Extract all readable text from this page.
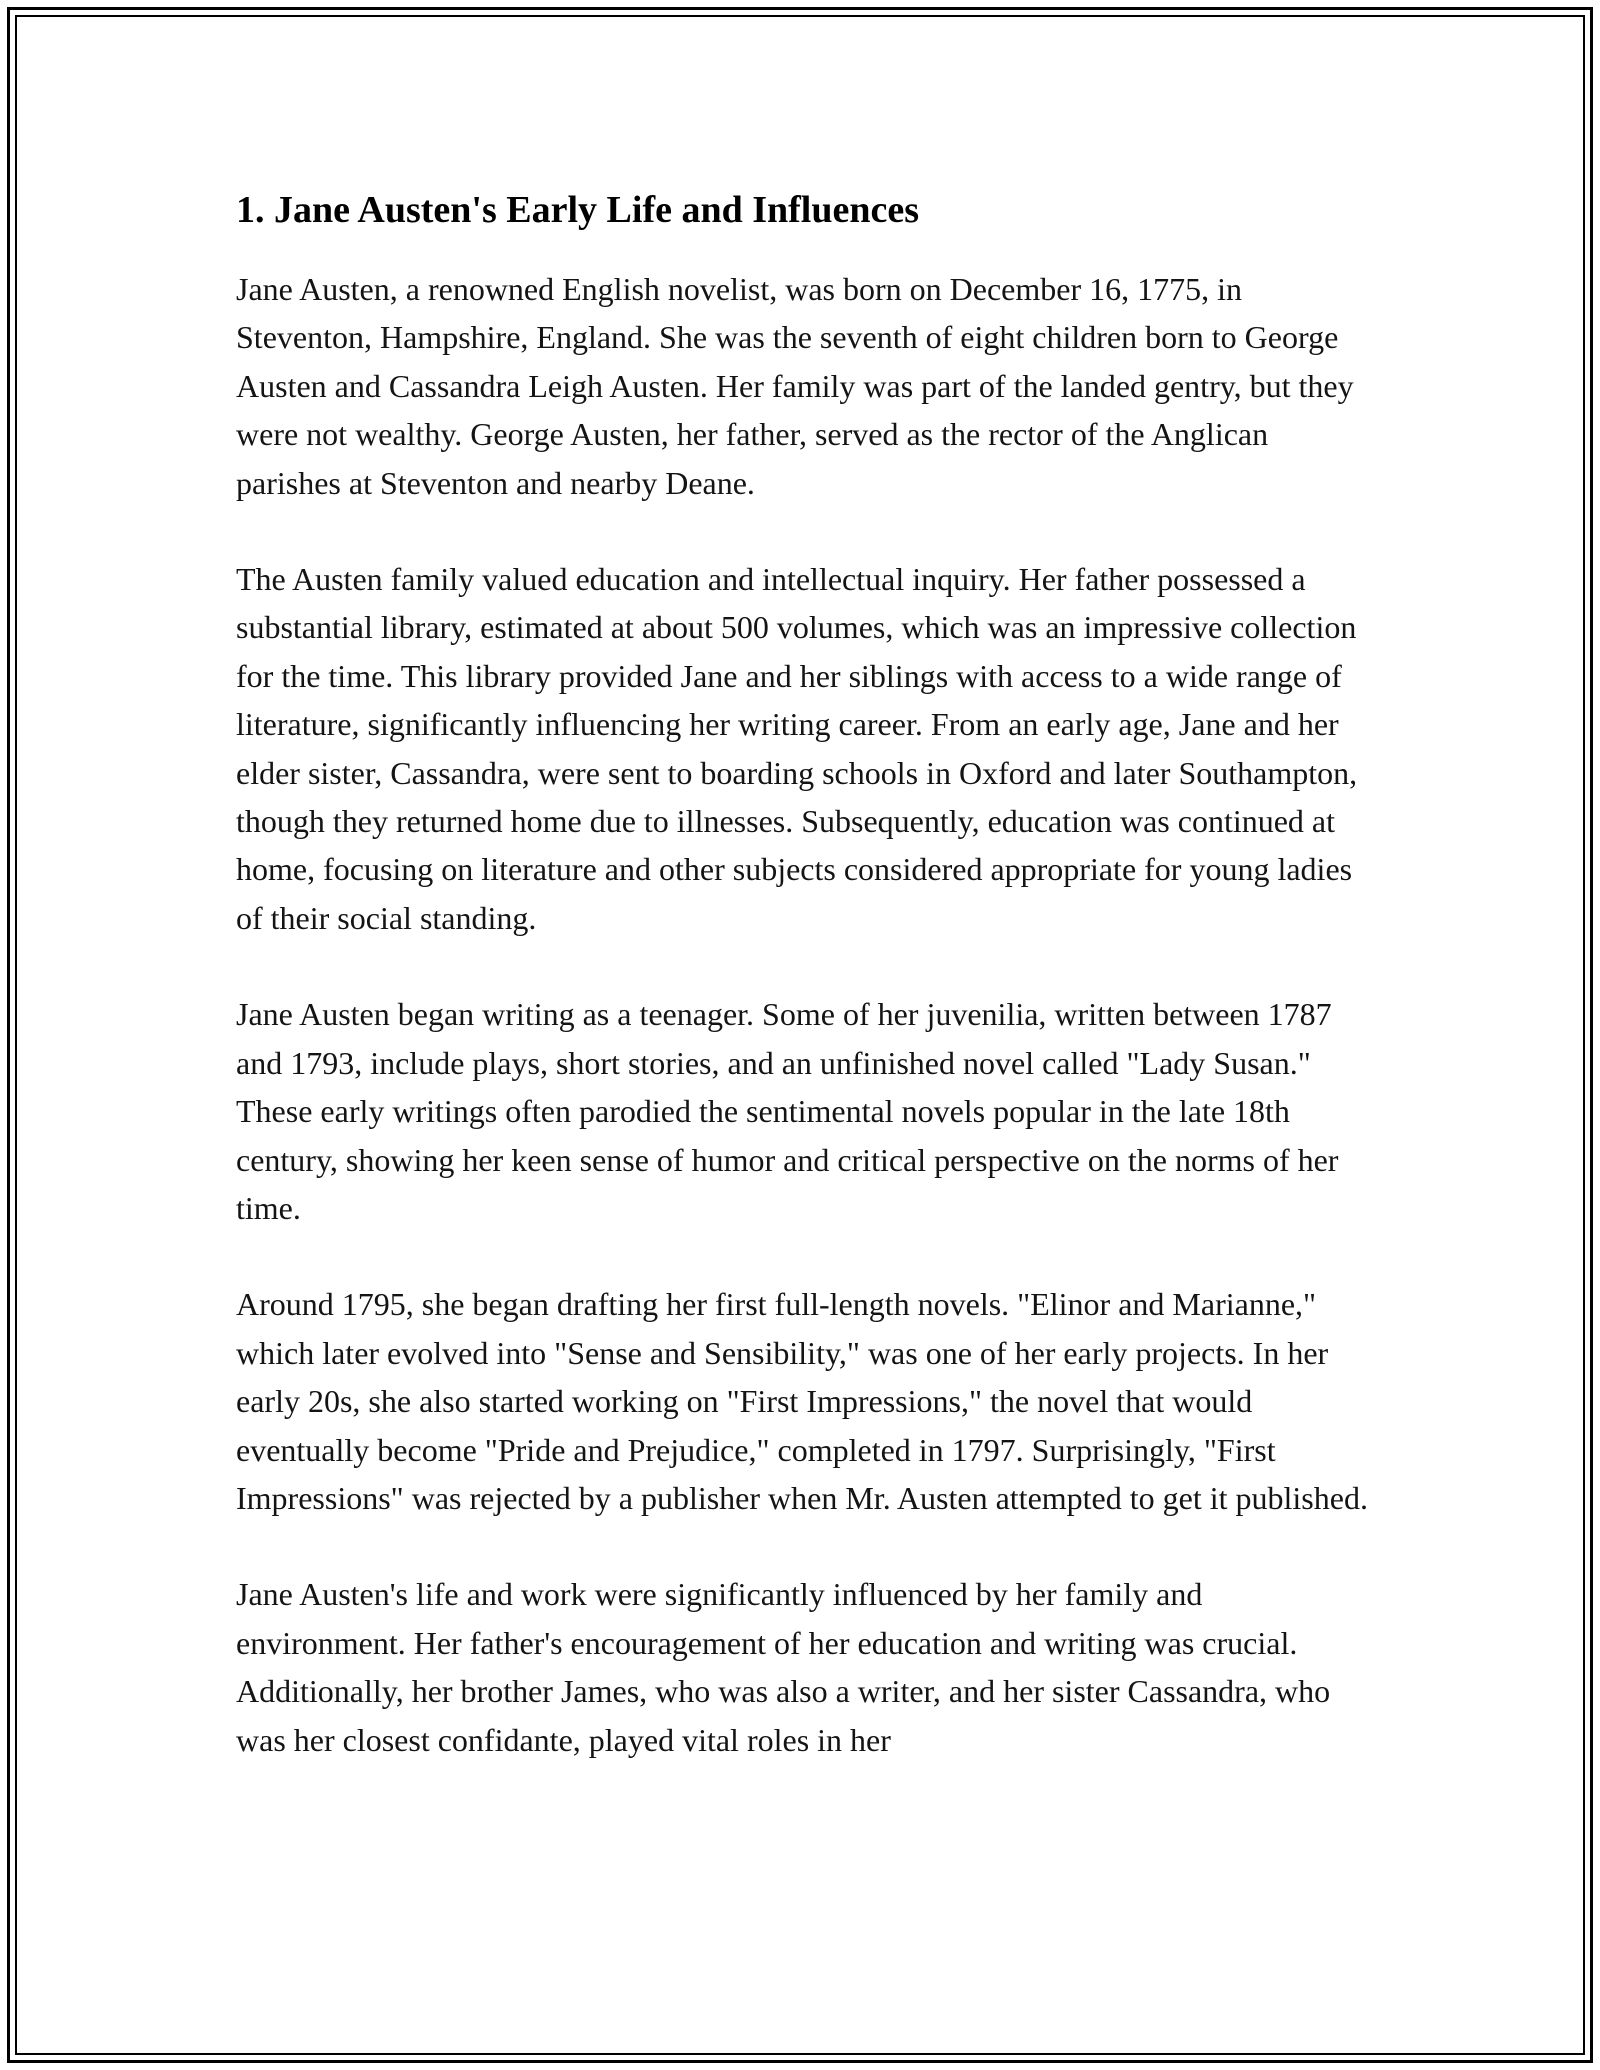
1. Jane Austen's Early Life and Influences

Jane Austen, a renowned English novelist, was born on December 16, 1775, in Steventon, Hampshire, England. She was the seventh of eight children born to George Austen and Cassandra Leigh Austen. Her family was part of the landed gentry, but they were not wealthy. George Austen, her father, served as the rector of the Anglican parishes at Steventon and nearby Deane.

The Austen family valued education and intellectual inquiry. Her father possessed a substantial library, estimated at about 500 volumes, which was an impressive collection for the time. This library provided Jane and her siblings with access to a wide range of literature, significantly influencing her writing career. From an early age, Jane and her elder sister, Cassandra, were sent to boarding schools in Oxford and later Southampton, though they returned home due to illnesses. Subsequently, education was continued at home, focusing on literature and other subjects considered appropriate for young ladies of their social standing.

Jane Austen began writing as a teenager. Some of her juvenilia, written between 1787 and 1793, include plays, short stories, and an unfinished novel called "Lady Susan." These early writings often parodied the sentimental novels popular in the late 18th century, showing her keen sense of humor and critical perspective on the norms of her time.

Around 1795, she began drafting her first full-length novels. "Elinor and Marianne," which later evolved into "Sense and Sensibility," was one of her early projects. In her early 20s, she also started working on "First Impressions," the novel that would eventually become "Pride and Prejudice," completed in 1797. Surprisingly, "First Impressions" was rejected by a publisher when Mr. Austen attempted to get it published.

Jane Austen's life and work were significantly influenced by her family and environment. Her father's encouragement of her education and writing was crucial. Additionally, her brother James, who was also a writer, and her sister Cassandra, who was her closest confidante, played vital roles in her
